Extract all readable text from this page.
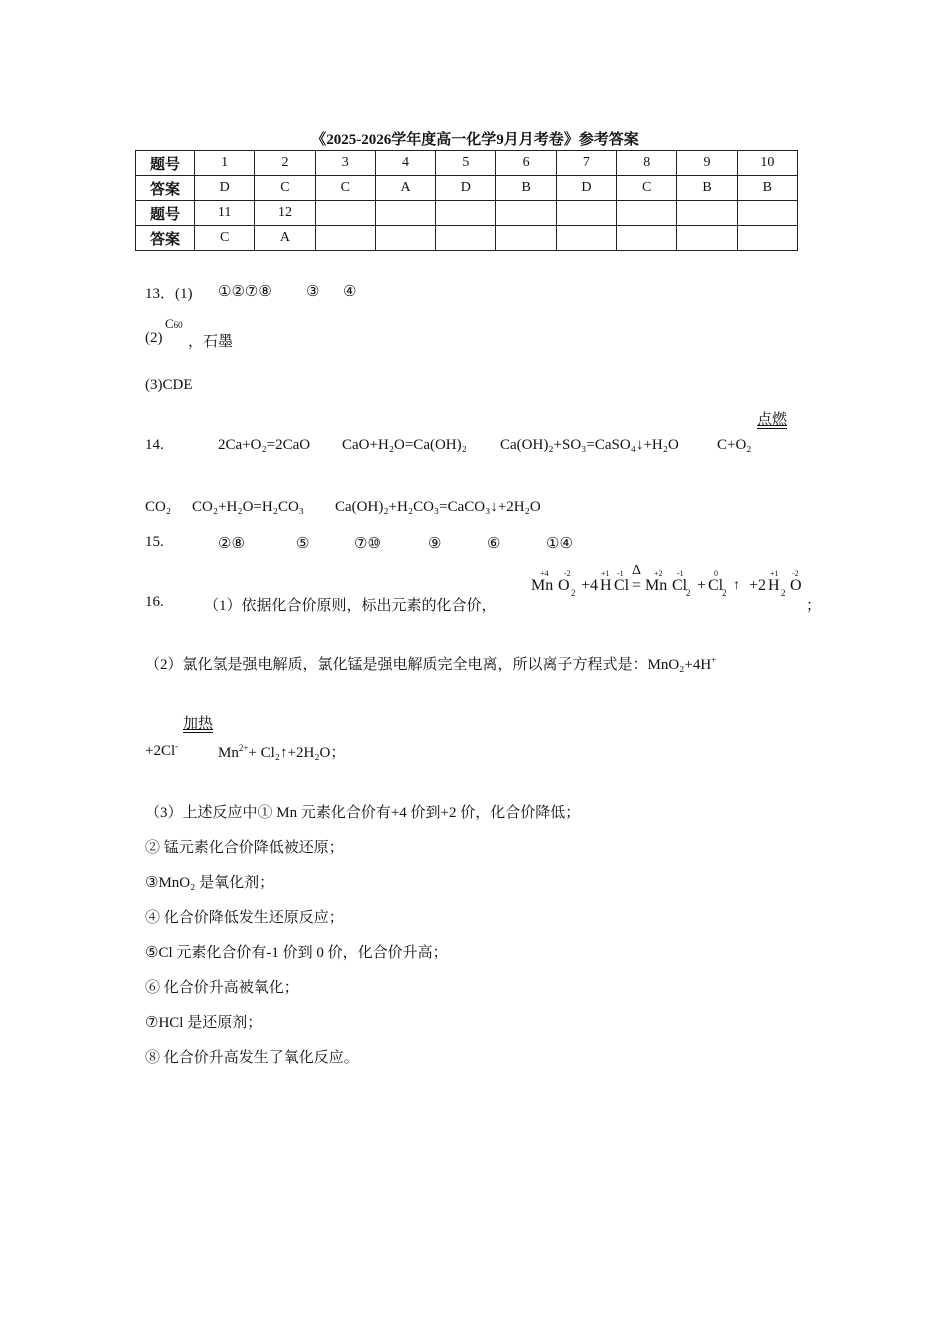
《2025-2026学年度高一化学9月月考卷》参考答案
题号	1	2	3	4	5	6	7	8	9	10
答案	D	C	C	A	D	B	D	C	B	B
题号	11	12								
答案	C	A								
13．(1) ①②⑦⑧ ③ ④
(2)
C60
，石墨
(3)CDE
点燃
14.	2Ca+O₂=2CaO CaO+H₂O=Ca(OH)₂ Ca(OH)₂+SO₃=CaSO₄↓+H₂O	C+O₂
CO₂ CO₂+H₂O=H₂CO₃ Ca(OH)₂+H₂CO₃=CaCO₃↓+2H₂O
15.	②⑧	⑤	⑦⑩	⑨	⑥	①④
16.	（1）依据化合价原则，标出元素的化合价，
+4 -2	+1 -1	+2 -1	0	+1 -2
Δ
Mn O 2 +4 H Cl = Mn Cl
2 + Cl
2 ↑ +2 H 2 O
；
（2）氯化氢是强电解质，氯化锰是强电解质完全电离，所以离子方程式是：MnO₂+4H+
加热
+2Cl-	$Mn^{2+}+$ Cl₂↑+2H₂O；
（3）上述反应中① Mn 元素化合价有+4 价到+2 价，化合价降低；
② 锰元素化合价降低被还原；
③MnO₂ 是氧化剂；
④ 化合价降低发生还原反应；
⑤Cl 元素化合价有-1 价到 0 价，化合价升高；
⑥ 化合价升高被氧化；
⑦HCl 是还原剂；
⑧ 化合价升高发生了氧化反应。
